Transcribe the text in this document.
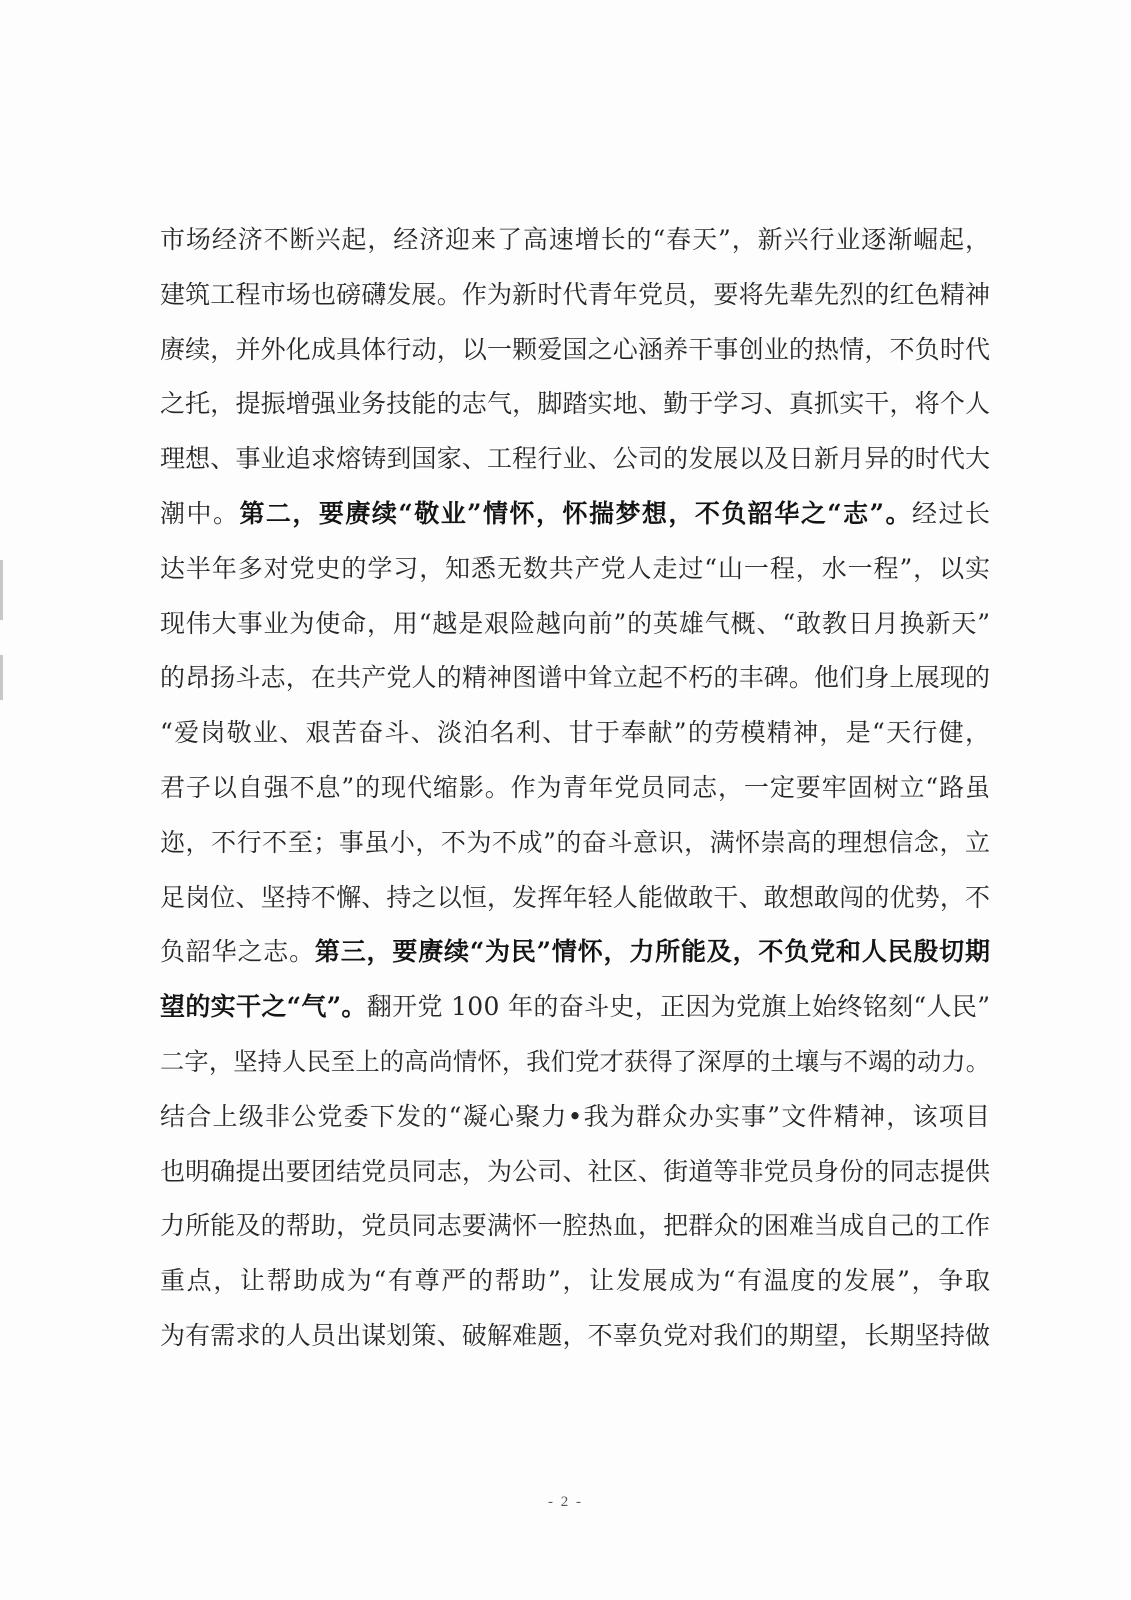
市场经济不断兴起，经济迎来了高速增长的“春天”，新兴行业逐渐崛起，
建筑工程市场也磅礴发展。作为新时代青年党员，要将先辈先烈的红色精神
赓续，并外化成具体行动，以一颗爱国之心涵养干事创业的热情，不负时代
之托，提振增强业务技能的志气，脚踏实地、勤于学习、真抓实干，将个人
理想、事业追求熔铸到国家、工程行业、公司的发展以及日新月异的时代大
潮中。第二，要赓续“敬业”情怀，怀揣梦想，不负韶华之“志”。经过长
达半年多对党史的学习，知悉无数共产党人走过“山一程，水一程”，以实
现伟大事业为使命，用“越是艰险越向前”的英雄气概、“敢教日月换新天”
的昂扬斗志，在共产党人的精神图谱中耸立起不朽的丰碑。他们身上展现的
“爱岗敬业、艰苦奋斗、淡泊名利、甘于奉献”的劳模精神，是“天行健，
君子以自强不息”的现代缩影。作为青年党员同志，一定要牢固树立“路虽
迩，不行不至；事虽小，不为不成”的奋斗意识，满怀崇高的理想信念，立
足岗位、坚持不懈、持之以恒，发挥年轻人能做敢干、敢想敢闯的优势，不
负韶华之志。第三，要赓续“为民”情怀，力所能及，不负党和人民殷切期
望的实干之“气”。翻开党 100 年的奋斗史，正因为党旗上始终铭刻“人民”
二字，坚持人民至上的高尚情怀，我们党才获得了深厚的土壤与不竭的动力。
结合上级非公党委下发的“凝心聚力•我为群众办实事”文件精神，该项目
也明确提出要团结党员同志，为公司、社区、街道等非党员身份的同志提供
力所能及的帮助，党员同志要满怀一腔热血，把群众的困难当成自己的工作
重点，让帮助成为“有尊严的帮助”，让发展成为“有温度的发展”，争取
为有需求的人员出谋划策、破解难题，不辜负党对我们的期望，长期坚持做
- 2 -
